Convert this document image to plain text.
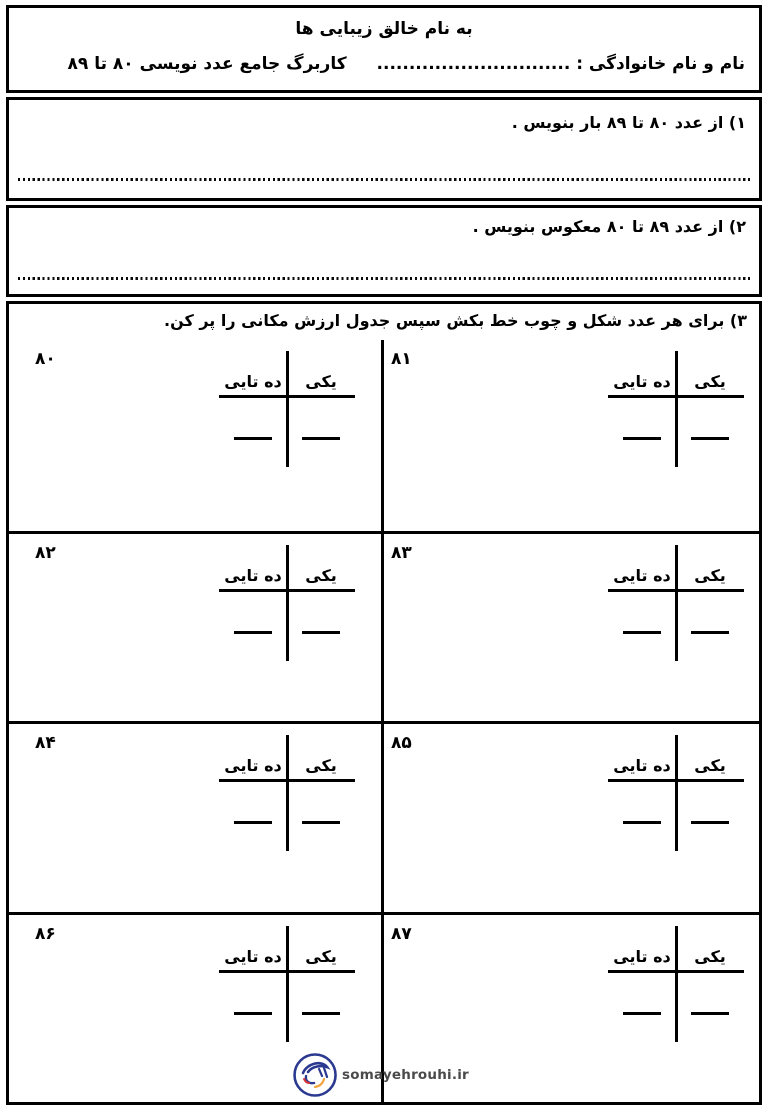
به نام خالق زیبایی ها
نام و نام خانوادگی : .............................. کاربرگ جامع عدد نویسی ۸۰ تا ۸۹
۱) از عدد ۸۰ تا ۸۹ بار بنویس .
۲) از عدد ۸۹ تا ۸۰ معکوس بنویس .
۳) برای هر عدد شکل و چوب خط بکش سپس جدول ارزش مکانی را پر کن.
۸۰
یکی
ده تایی
۸۱
یکی
ده تایی
۸۲
یکی
ده تایی
۸۳
یکی
ده تایی
۸۴
یکی
ده تایی
۸۵
یکی
ده تایی
۸۶
یکی
ده تایی
۸۷
یکی
ده تایی
somayehrouhi.ir
